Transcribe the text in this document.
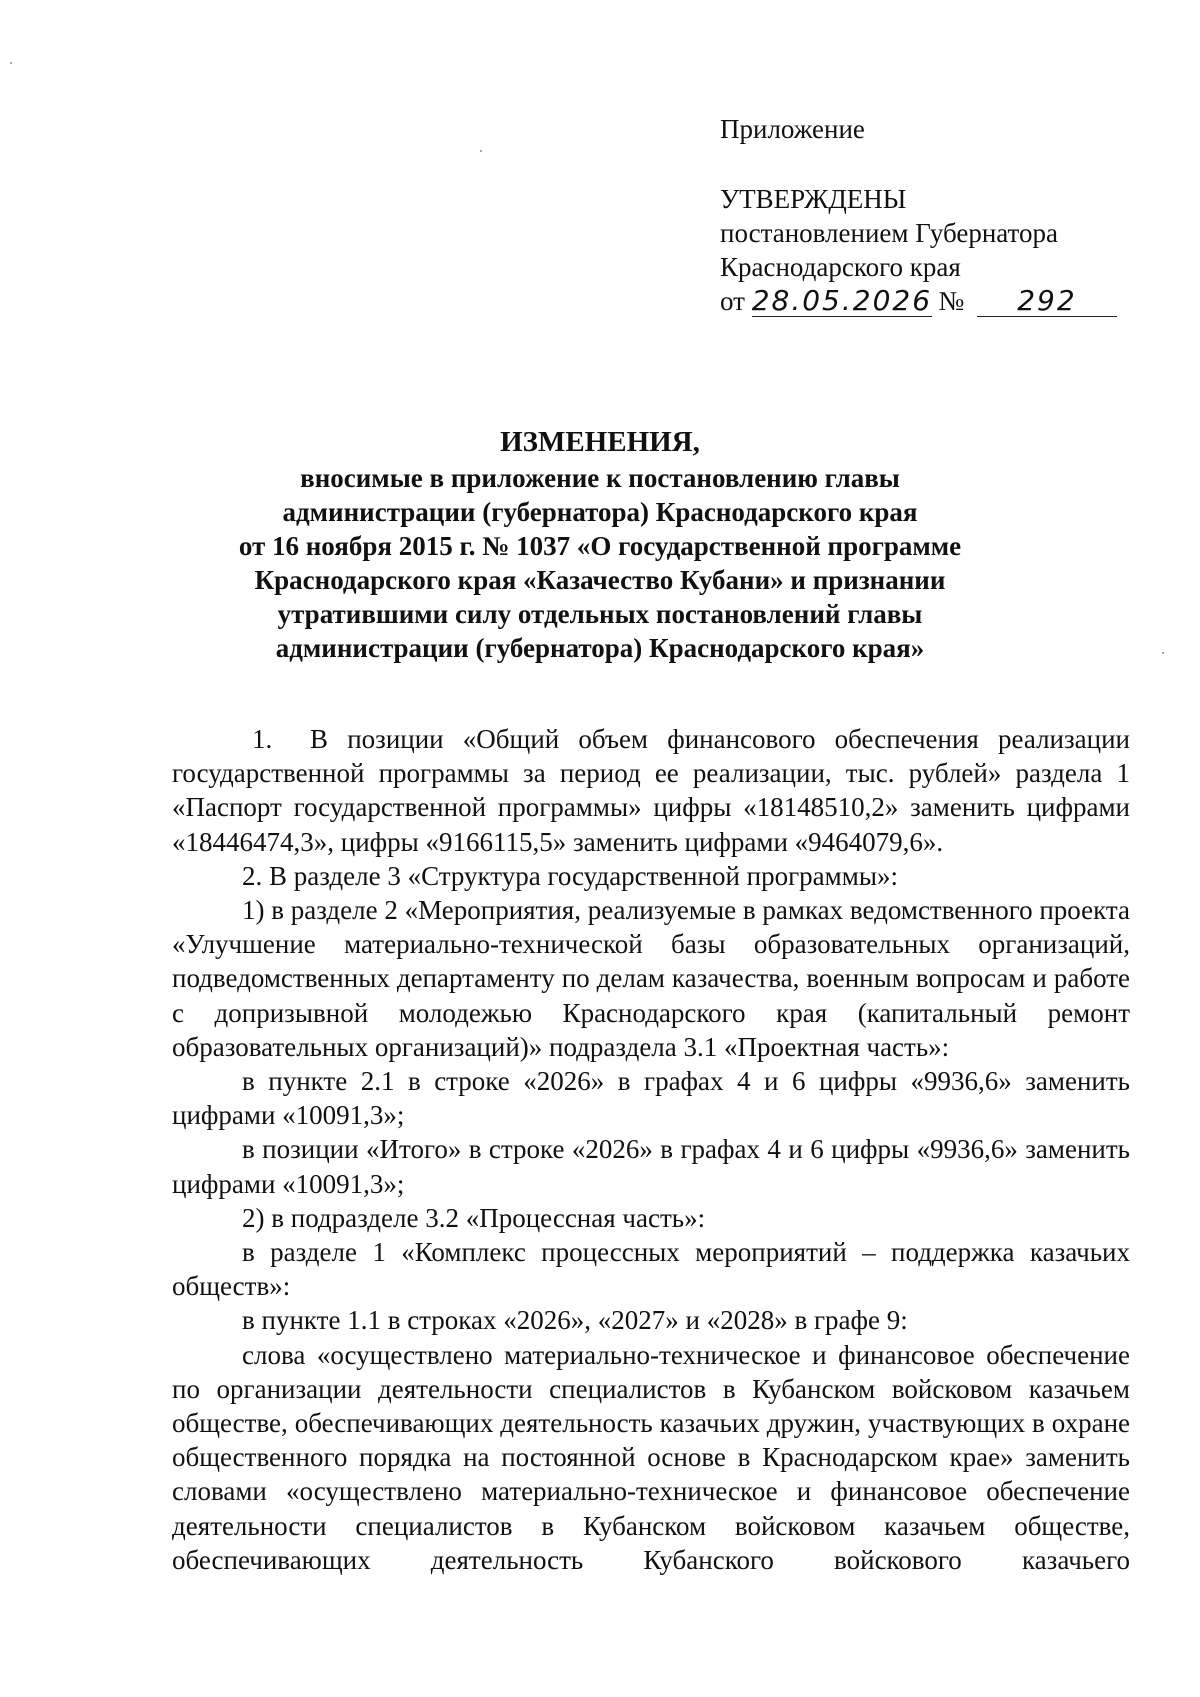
Приложение
УТВЕРЖДЕНЫ
постановлением Губернатора
Краснодарского края
от 28.05.2026 № 292
ИЗМЕНЕНИЯ,
вносимые в приложение к постановлению главы
администрации (губернатора) Краснодарского края
от 16 ноября 2015 г. № 1037 «О государственной программе
Краснодарского края «Казачество Кубани» и признании
утратившими силу отдельных постановлений главы
администрации (губернатора) Краснодарского края»

1. В позиции «Общий объем финансового обеспечения реализации государственной программы за период ее реализации, тыс. рублей» раздела 1 «Паспорт государственной программы» цифры «18148510,2» заменить цифрами «18446474,3», цифры «9166115,5» заменить цифрами «9464079,6».

2. В разделе 3 «Структура государственной программы»:

1) в разделе 2 «Мероприятия, реализуемые в рамках ведомственного проекта «Улучшение материально-технической базы образовательных организаций, подведомственных департаменту по делам казачества, военным вопросам и работе с допризывной молодежью Краснодарского края (капитальный ремонт образовательных организаций)» подраздела 3.1 «Проектная часть»:

в пункте 2.1 в строке «2026» в графах 4 и 6 цифры «9936,6» заменить цифрами «10091,3»;

в позиции «Итого» в строке «2026» в графах 4 и 6 цифры «9936,6» заменить цифрами «10091,3»;

2) в подразделе 3.2 «Процессная часть»:

в разделе 1 «Комплекс процессных мероприятий – поддержка казачьих обществ»:

в пункте 1.1 в строках «2026», «2027» и «2028» в графе 9:

слова «осуществлено материально-техническое и финансовое обеспечение по организации деятельности специалистов в Кубанском войсковом казачьем обществе, обеспечивающих деятельность казачьих дружин, участвующих в охране общественного порядка на постоянной основе в Краснодарском крае» заменить словами «осуществлено материально-техническое и финансовое обеспечение деятельности специалистов в Кубанском войсковом казачьем обществе, обеспечивающих деятельность Кубанского войскового казачьего
